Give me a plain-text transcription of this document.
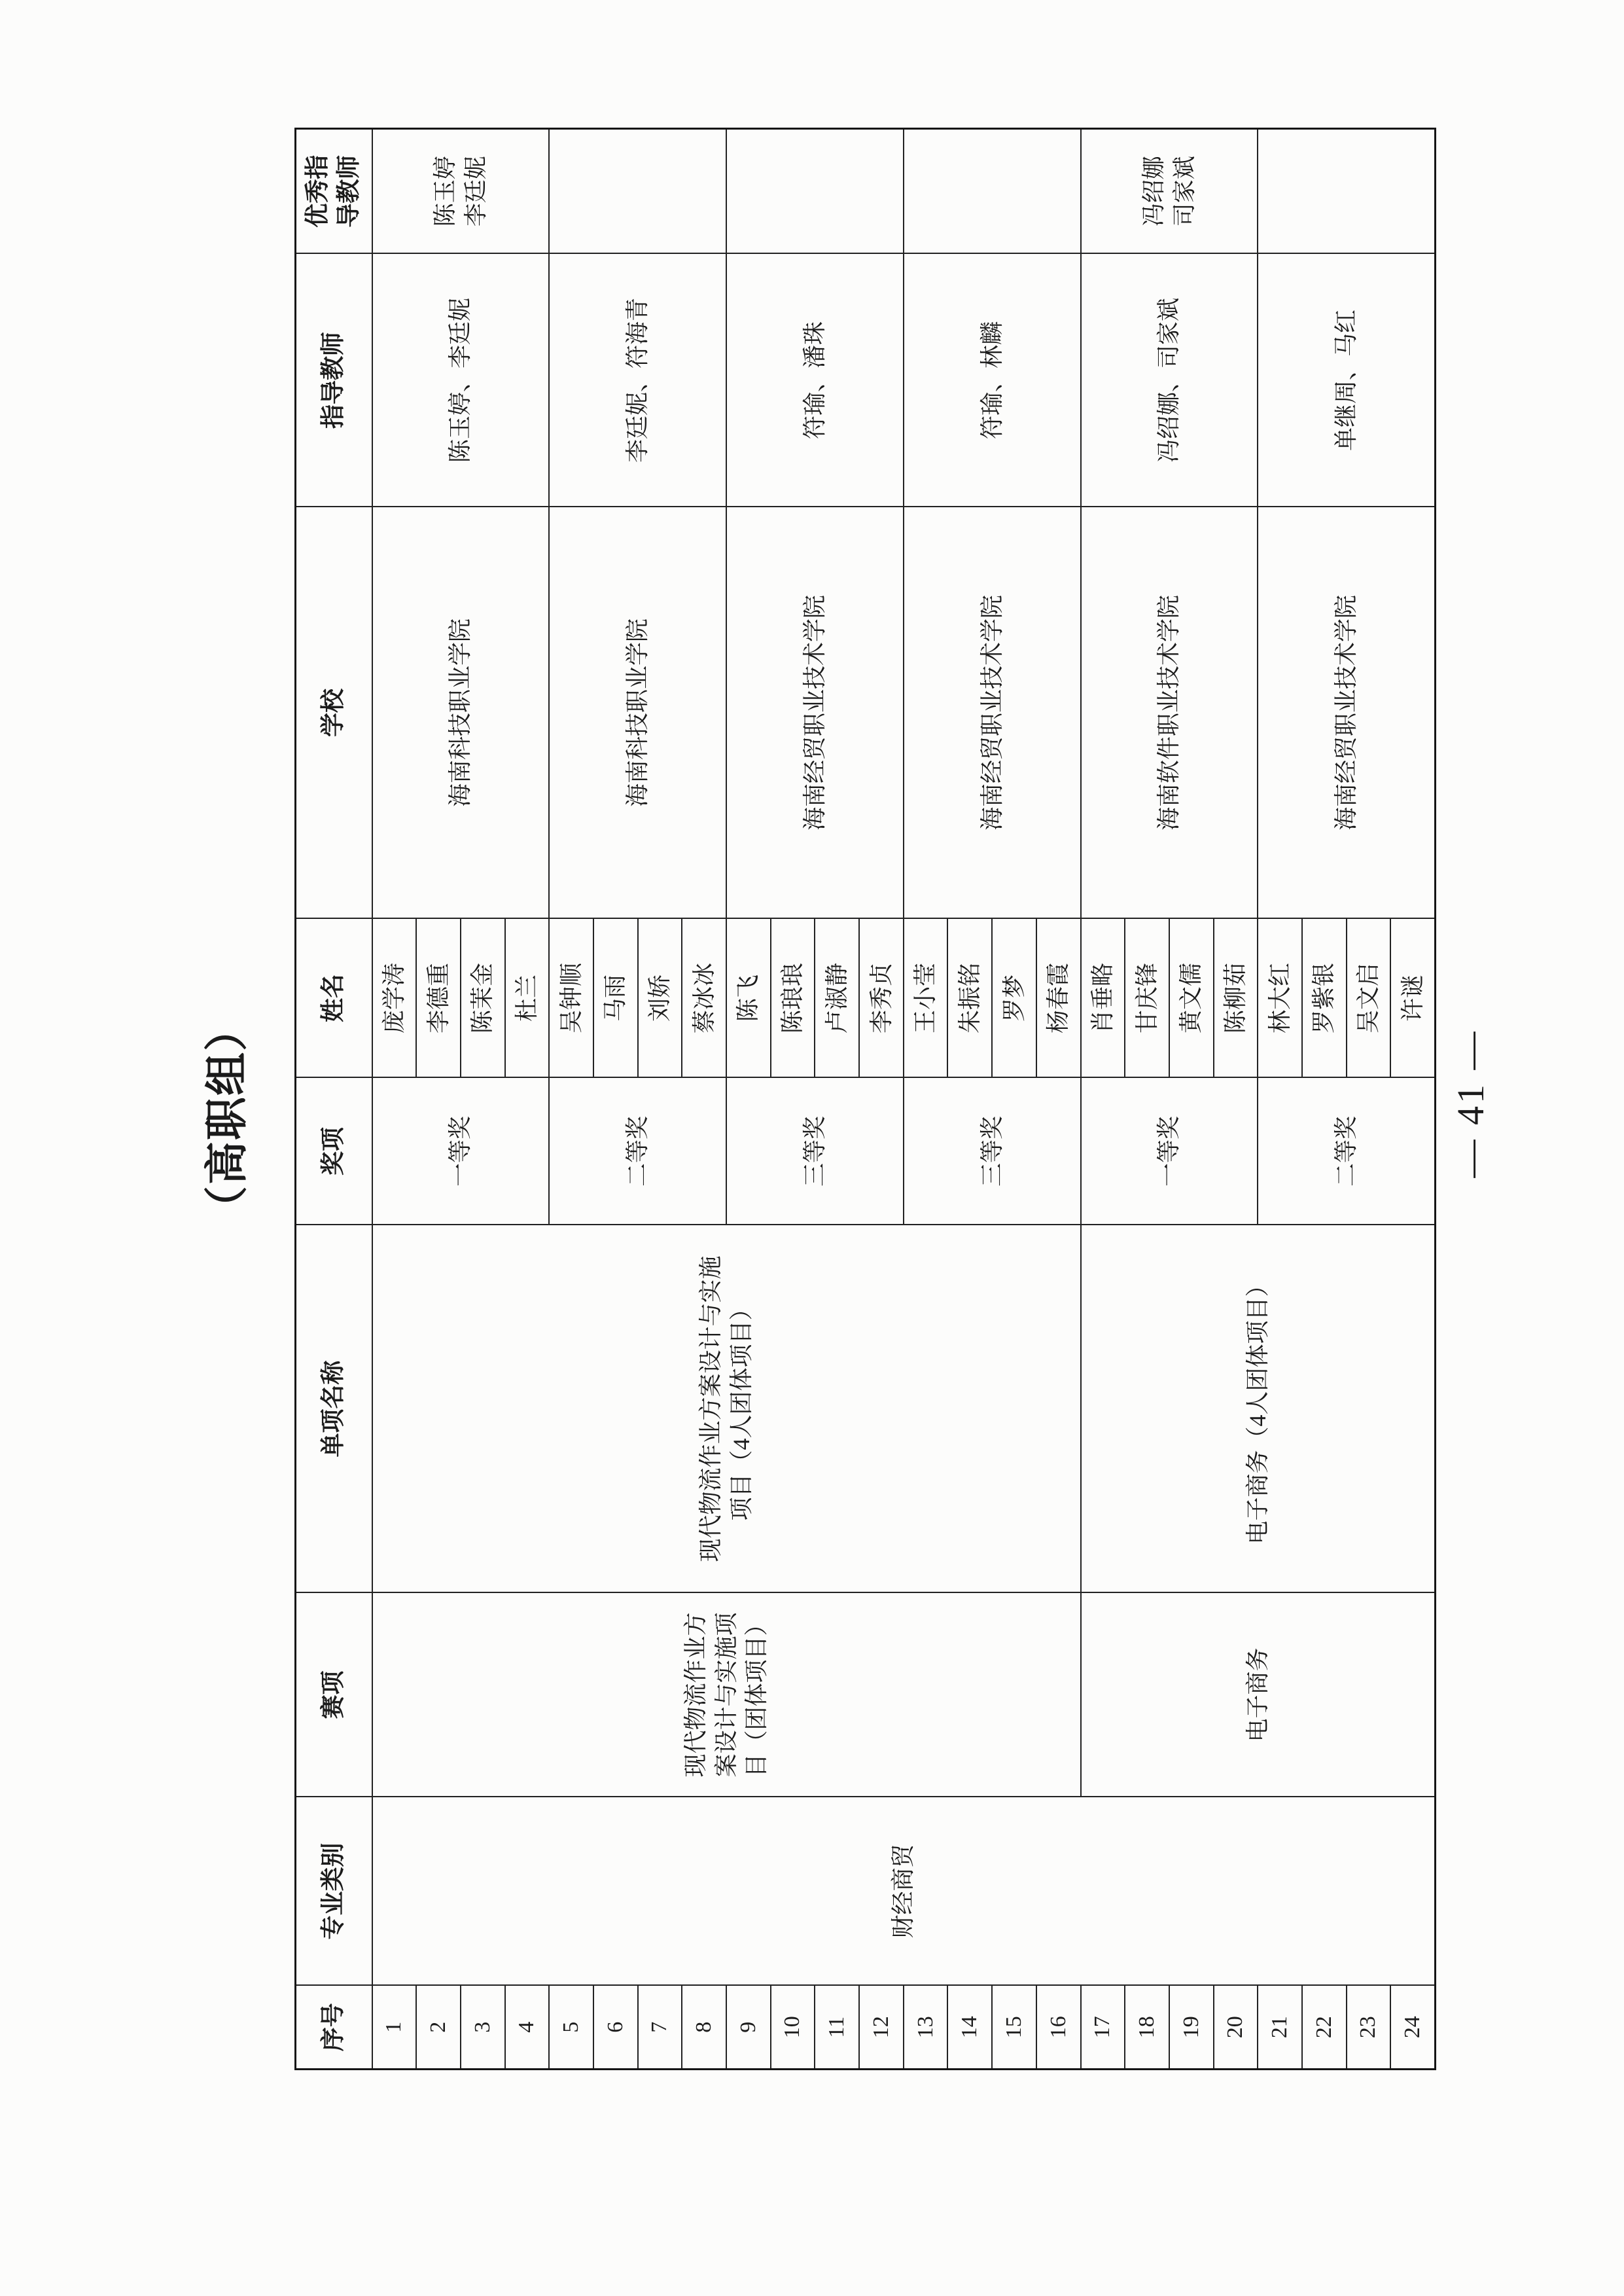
（高职组）
序号	专业类别	赛项	单项名称	奖项	姓名	学校	指导教师	优秀指
导教师
1	财经商贸	现代物流作业方
案设计与实施项
目（团体项目）	现代物流作业方案设计与实施
项目（4人团体项目）	一等奖	庞学涛	海南科技职业学院	陈玉婷、李廷妮	陈玉婷
李廷妮
2					李德重			
3					陈茉金			
4					杜兰			
5				二等奖	吴钟顺	海南科技职业学院	李廷妮、符海青	
6					马雨			
7					刘娇			
8					蔡冰冰			
9				三等奖	陈飞	海南经贸职业技术学院	符瑜、潘珠	
10					陈琅琅			
11					卢淑静			
12					李秀贞			
13				三等奖	王小莹	海南经贸职业技术学院	符瑜、林麟	
14					朱振铭			
15					罗梦			
16					杨春霞			
17		电子商务	电子商务（4人团体项目）	一等奖	肖垂略	海南软件职业技术学院	冯绍娜、司家斌	冯绍娜
司家斌
18					甘庆锋			
19					黄文儒			
20					陈柳茹			
21				二等奖	林大红	海南经贸职业技术学院	单继周、马红	
22					罗紫银			
23					吴文启			
24					许谜			
— 41 —
